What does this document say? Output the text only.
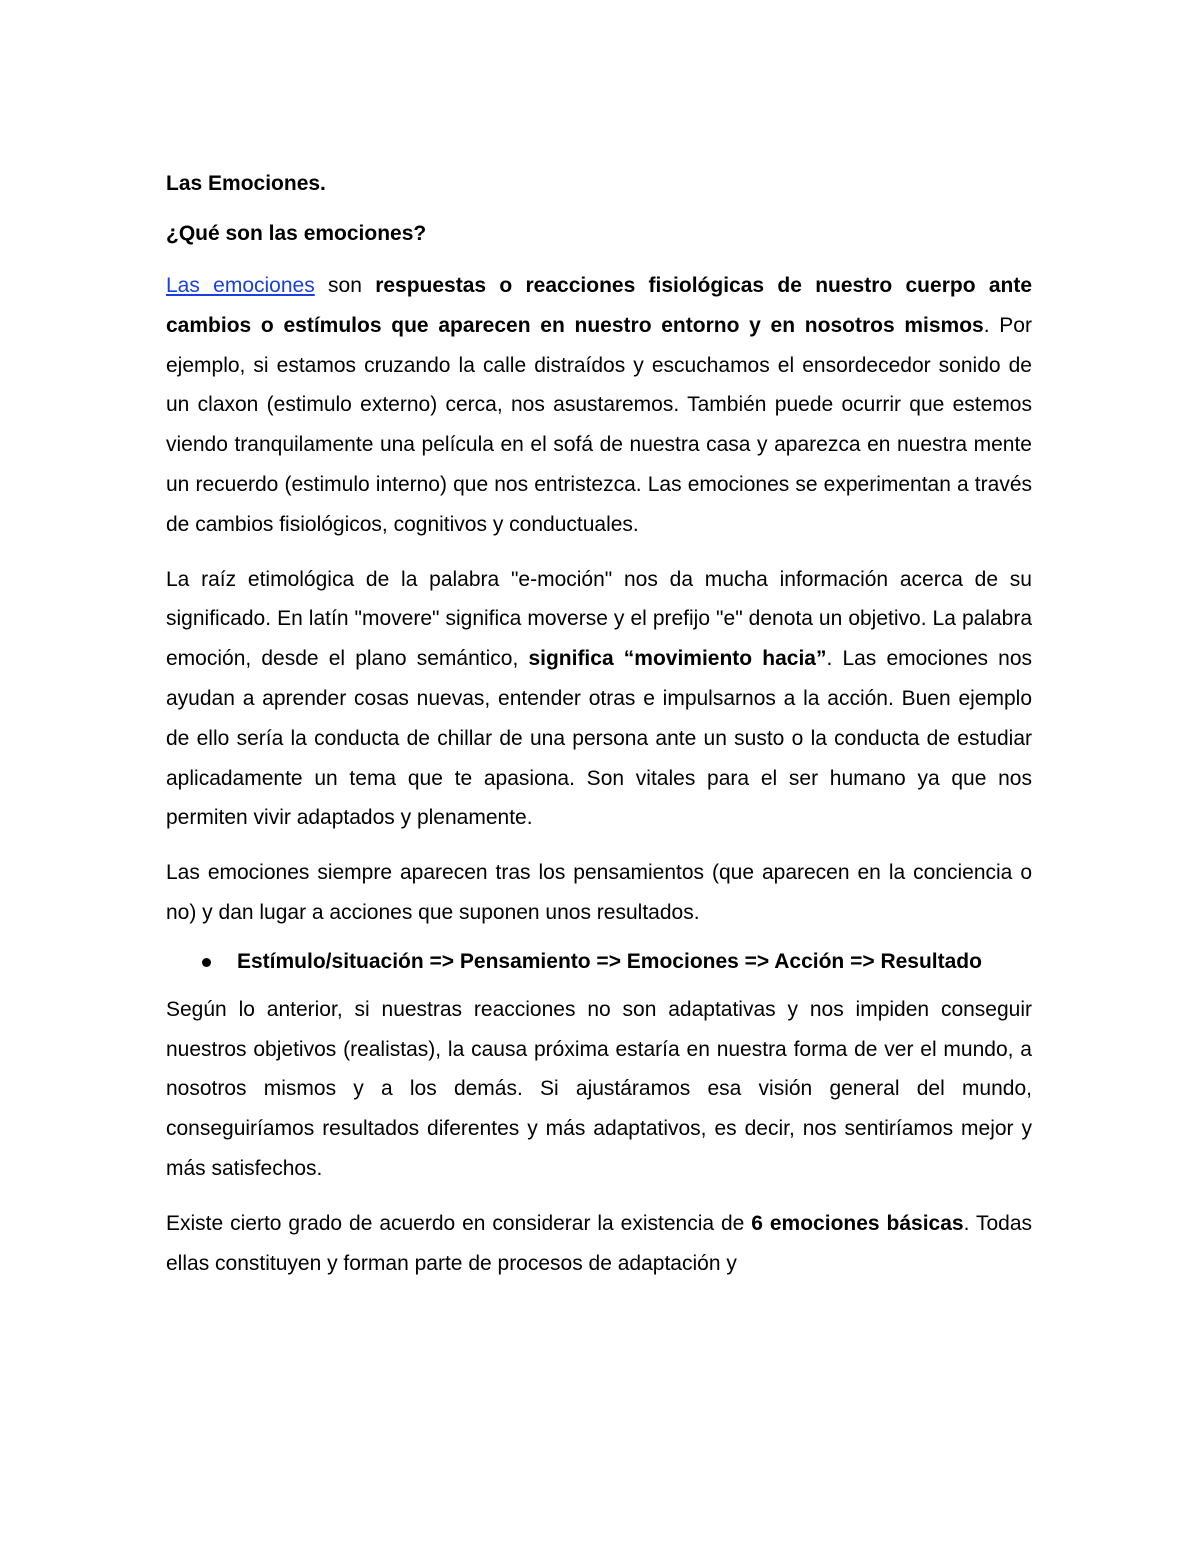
Las Emociones.
¿Qué son las emociones?

Las emociones son respuestas o reacciones fisiológicas de nuestro cuerpo ante cambios o estímulos que aparecen en nuestro entorno y en nosotros mismos. Por ejemplo, si estamos cruzando la calle distraídos y escuchamos el ensordecedor sonido de un claxon (estimulo externo) cerca, nos asustaremos. También puede ocurrir que estemos viendo tranquilamente una película en el sofá de nuestra casa y aparezca en nuestra mente un recuerdo (estimulo interno) que nos entristezca. Las emociones se experimentan a través de cambios fisiológicos, cognitivos y conductuales.

La raíz etimológica de la palabra "e-moción" nos da mucha información acerca de su significado. En latín "movere" significa moverse y el prefijo "e" denota un objetivo. La palabra emoción, desde el plano semántico, significa “movimiento hacia”. Las emociones nos ayudan a aprender cosas nuevas, entender otras e impulsarnos a la acción. Buen ejemplo de ello sería la conducta de chillar de una persona ante un susto o la conducta de estudiar aplicadamente un tema que te apasiona. Son vitales para el ser humano ya que nos permiten vivir adaptados y plenamente.

Las emociones siempre aparecen tras los pensamientos (que aparecen en la conciencia o no) y dan lugar a acciones que suponen unos resultados.

Estímulo/situación => Pensamiento => Emociones => Acción => Resultado

Según lo anterior, si nuestras reacciones no son adaptativas y nos impiden conseguir nuestros objetivos (realistas), la causa próxima estaría en nuestra forma de ver el mundo, a nosotros mismos y a los demás. Si ajustáramos esa visión general del mundo, conseguiríamos resultados diferentes y más adaptativos, es decir, nos sentiríamos mejor y más satisfechos.

Existe cierto grado de acuerdo en considerar la existencia de 6 emociones básicas. Todas ellas constituyen y forman parte de procesos de adaptación y
